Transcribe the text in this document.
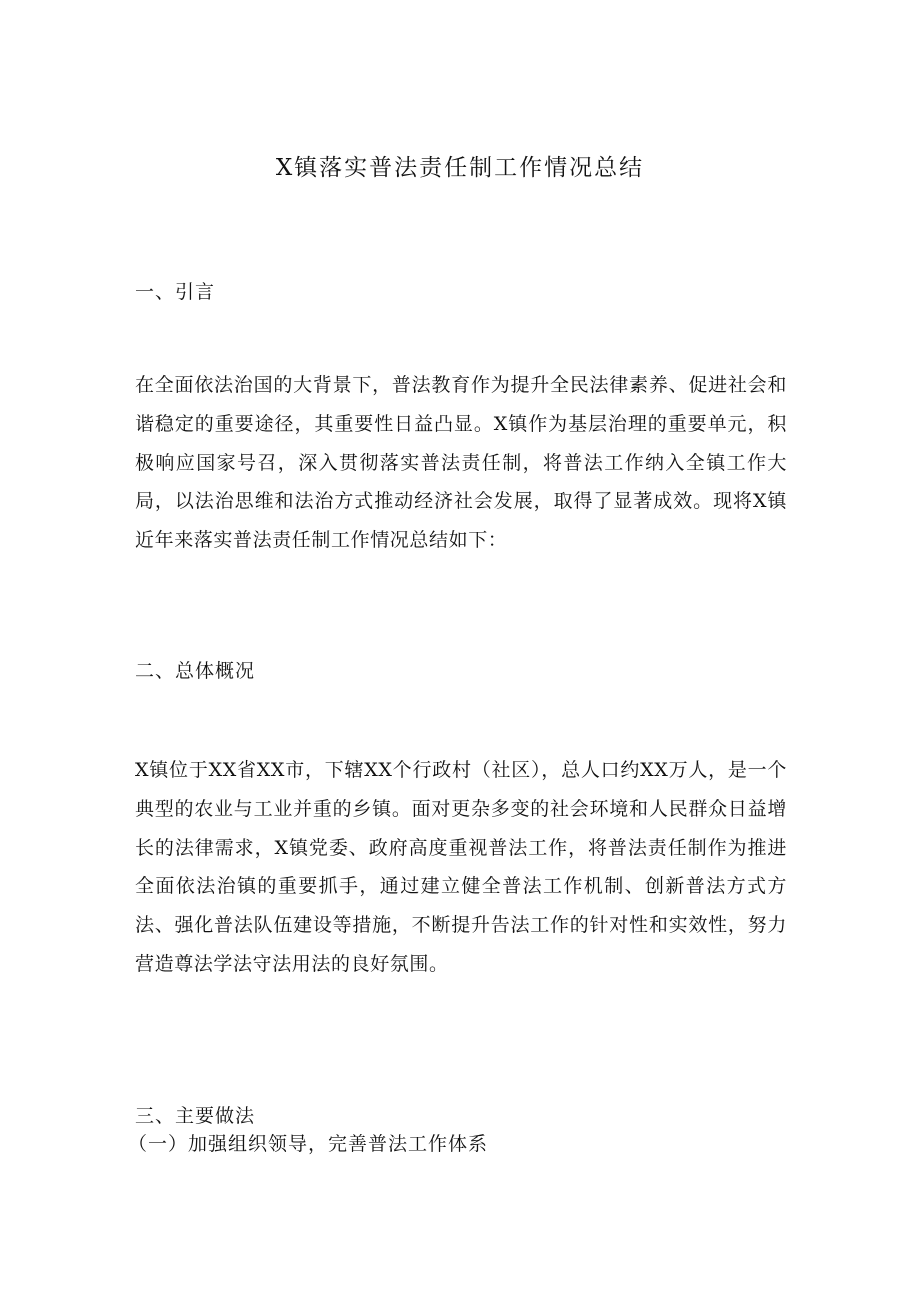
X镇落实普法责任制工作情况总结
一、引言

在全面依法治国的大背景下，普法教育作为提升全民法律素养、促进社会和谐稳定的重要途径，其重要性日益凸显。X镇作为基层治理的重要单元，积极响应国家号召，深入贯彻落实普法责任制，将普法工作纳入全镇工作大局，以法治思维和法治方式推动经济社会发展，取得了显著成效。现将X镇近年来落实普法责任制工作情况总结如下：

二、总体概况

X镇位于XX省XX市，下辖XX个行政村（社区），总人口约XX万人，是一个典型的农业与工业并重的乡镇。面对更杂多变的社会环境和人民群众日益增长的法律需求，X镇党委、政府高度重视普法工作，将普法责任制作为推进全面依法治镇的重要抓手，通过建立健全普法工作机制、创新普法方式方法、强化普法队伍建设等措施，不断提升告法工作的针对性和实效性，努力营造尊法学法守法用法的良好氛围。

三、主要做法

（一）加强组织领导，完善普法工作体系
